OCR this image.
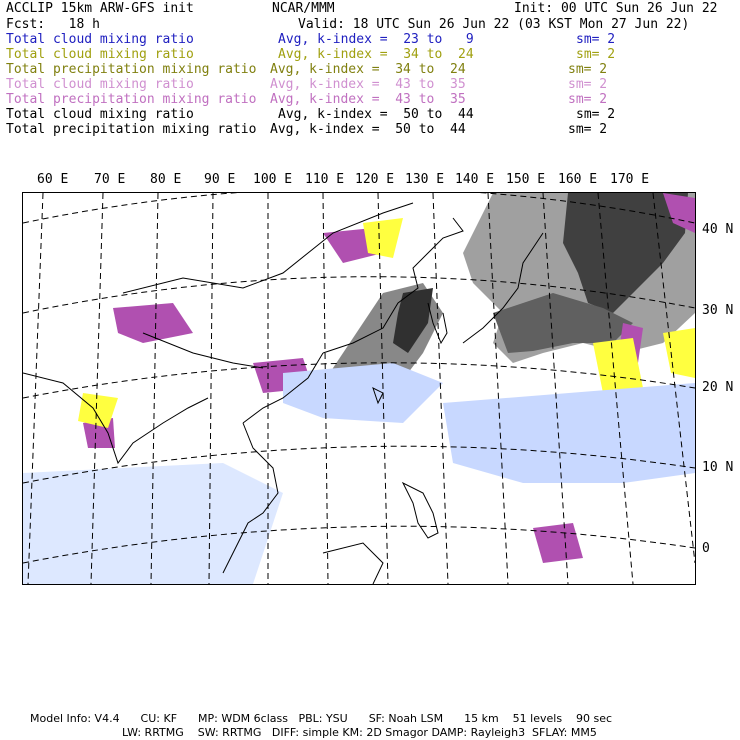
ACCLIP 15km ARW-GFS init	NCAR/MMM	Init: 00 UTC Sun 26 Jun 22
Fcst:   18 h	Valid: 18 UTC Sun 26 Jun 22 (03 KST Mon 27 Jun 22)
Total cloud mixing ratio	Avg, k-index =  23 to   9	sm= 2
Total cloud mixing ratio	Avg, k-index =  34 to  24	sm= 2
Total precipitation mixing ratio Avg, k-index =  34 to  24	sm= 2
Total cloud mixing ratio	Avg, k-index =  43 to  35	sm= 2
Total precipitation mixing ratio Avg, k-index =  43 to  35	sm= 2
Total cloud mixing ratio	Avg, k-index =  50 to  44	sm= 2
Total precipitation mixing ratio Avg, k-index =  50 to  44	sm= 2
60 E 70 E 80 E 90 E 100 E 110 E 120 E 130 E 140 E 150 E 160 E 170 E
40 N
30 N
20 N
10 N
0
Model Info: V4.4      CU: KF      MP: WDM 6class   PBL: YSU      SF: Noah LSM      15 km    51 levels    90 sec
LW: RRTMG    SW: RRTMG   DIFF: simple KM: 2D Smagor DAMP: Rayleigh3  SFLAY: MM5
